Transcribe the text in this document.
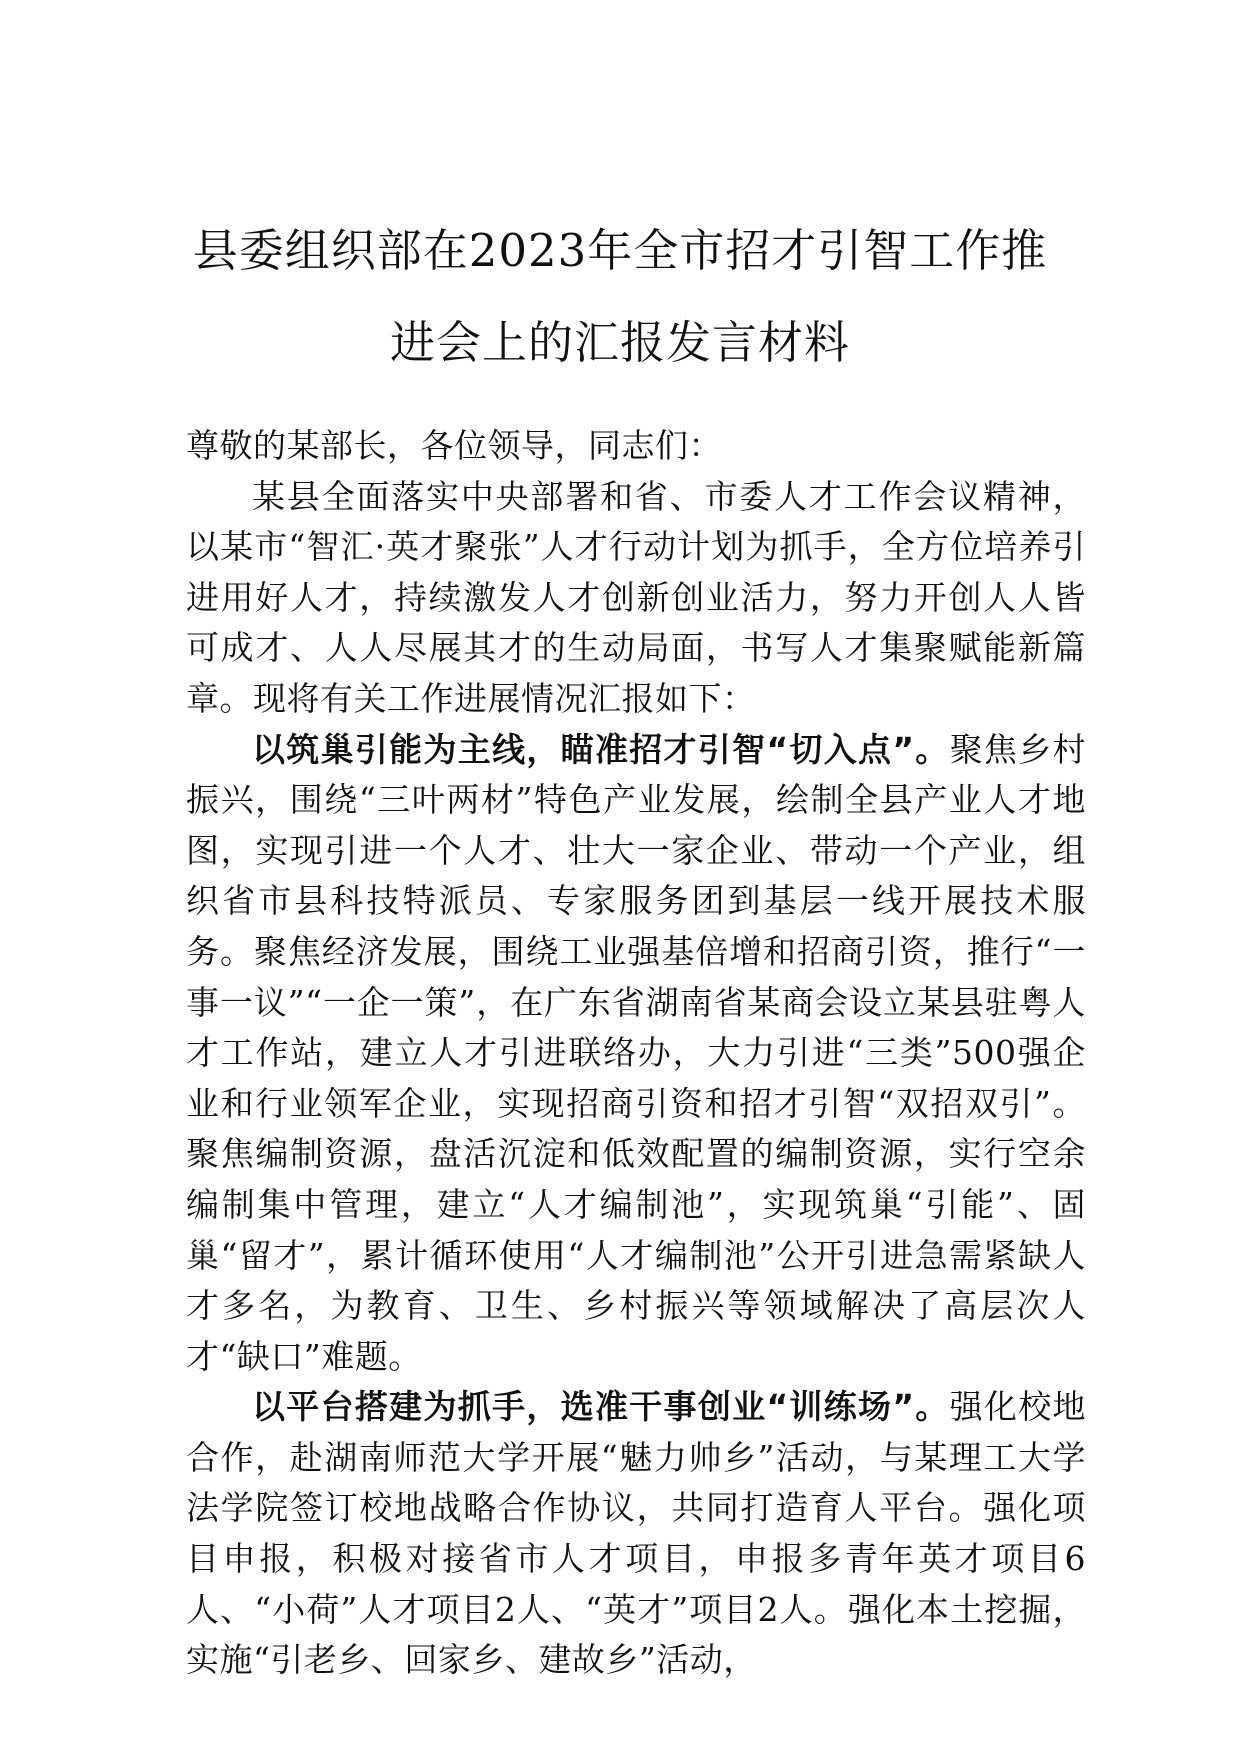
县委组织部在2023年全市招才引智工作推
进会上的汇报发言材料

尊敬的某部长，各位领导，同志们：

某县全面落实中央部署和省、市委人才工作会议精神，以某市“智汇·英才聚张”人才行动计划为抓手，全方位培养引进用好人才，持续激发人才创新创业活力，努力开创人人皆可成才、人人尽展其才的生动局面，书写人才集聚赋能新篇章。现将有关工作进展情况汇报如下：

以筑巢引能为主线，瞄准招才引智“切入点”。聚焦乡村振兴，围绕“三叶两材”特色产业发展，绘制全县产业人才地图，实现引进一个人才、壮大一家企业、带动一个产业，组织省市县科技特派员、专家服务团到基层一线开展技术服务。聚焦经济发展，围绕工业强基倍增和招商引资，推行“一事一议”“一企一策”，在广东省湖南省某商会设立某县驻粤人才工作站，建立人才引进联络办，大力引进“三类”500强企业和行业领军企业，实现招商引资和招才引智“双招双引”。聚焦编制资源，盘活沉淀和低效配置的编制资源，实行空余编制集中管理，建立“人才编制池”，实现筑巢“引能”、固巢“留才”，累计循环使用“人才编制池”公开引进急需紧缺人才多名，为教育、卫生、乡村振兴等领域解决了高层次人才“缺口”难题。

以平台搭建为抓手，选准干事创业“训练场”。强化校地合作，赴湖南师范大学开展“魅力帅乡”活动，与某理工大学法学院签订校地战略合作协议，共同打造育人平台。强化项目申报，积极对接省市人才项目，申报多青年英才项目6人、“小荷”人才项目2人、“英才”项目2人。强化本土挖掘，实施“引老乡、回家乡、建故乡”活动，
